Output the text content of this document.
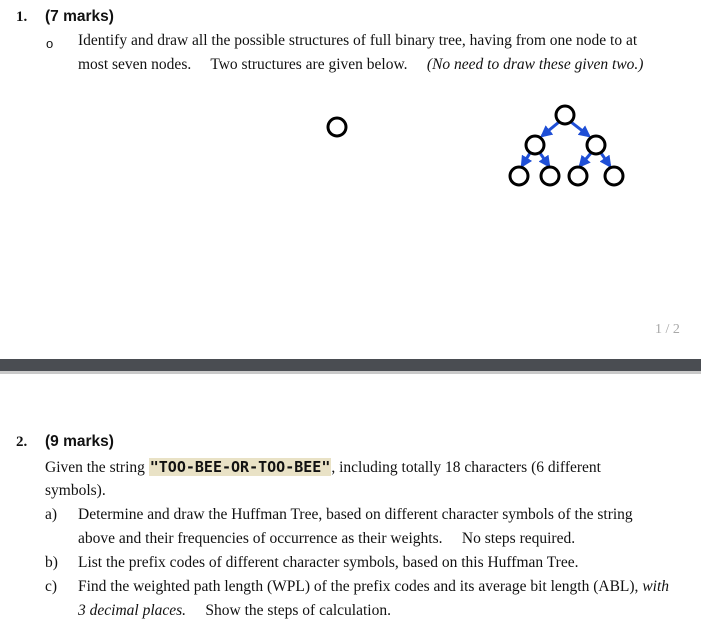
1. (7 marks)
o Identify and draw all the possible structures of full binary tree, having from one node to at
most seven nodes. Two structures are given below. (No need to draw these given two.)
1 / 2
2. (9 marks)
Given the string "TOO-BEE-OR-TOO-BEE", including totally 18 characters (6 different
symbols).
a) Determine and draw the Huffman Tree, based on different character symbols of the string
above and their frequencies of occurrence as their weights. No steps required.
b) List the prefix codes of different character symbols, based on this Huffman Tree.
c) Find the weighted path length (WPL) of the prefix codes and its average bit length (ABL), with
3 decimal places. Show the steps of calculation.
